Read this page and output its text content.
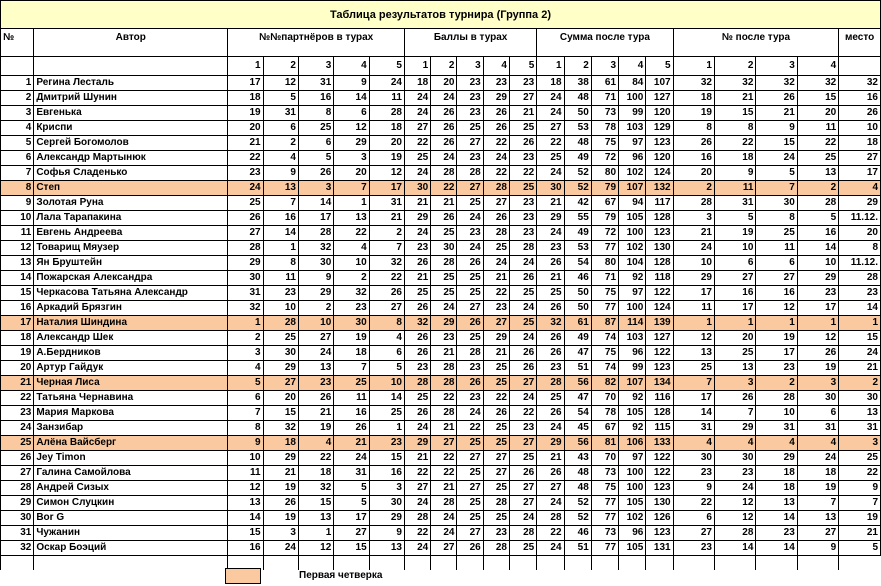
Таблица результатов турнира (Группа 2)																					
№	Автор	№№партнёров в турах					Баллы в турах					Сумма после тура					№ после тура				место
		1	2	3	4	5	1	2	3	4	5	1	2	3	4	5	1	2	3	4	
1	Регина Лесталь	17	12	31	9	24	18	20	23	23	23	18	38	61	84	107	32	32	32	32	32
2	Дмитрий Шунин	18	5	16	14	11	24	24	23	29	27	24	48	71	100	127	18	21	26	15	16
3	Евгенька	19	31	8	6	28	24	26	23	26	21	24	50	73	99	120	19	15	21	20	26
4	Криспи	20	6	25	12	18	27	26	25	26	25	27	53	78	103	129	8	8	9	11	10
5	Сергей Богомолов	21	2	6	29	20	22	26	27	22	26	22	48	75	97	123	26	22	15	22	18
6	Александр Мартынюк	22	4	5	3	19	25	24	23	24	23	25	49	72	96	120	16	18	24	25	27
7	Софья Сладенько	23	9	26	20	12	24	28	28	22	22	24	52	80	102	124	20	9	5	13	17
8	Степ	24	13	3	7	17	30	22	27	28	25	30	52	79	107	132	2	11	7	2	4
9	Золотая Руна	25	7	14	1	31	21	21	25	27	23	21	42	67	94	117	28	31	30	28	29
10	Лала Тарапакина	26	16	17	13	21	29	26	24	26	23	29	55	79	105	128	3	5	8	5	11.12.
11	Евгень Андреева	27	14	28	22	2	24	25	23	28	23	24	49	72	100	123	21	19	25	16	20
12	Товарищ Мяузер	28	1	32	4	7	23	30	24	25	28	23	53	77	102	130	24	10	11	14	8
13	Ян Бруштейн	29	8	30	10	32	26	28	26	24	24	26	54	80	104	128	10	6	6	10	11.12.
14	Пожарская Александра	30	11	9	2	22	21	25	25	21	26	21	46	71	92	118	29	27	27	29	28
15	Черкасова Татьяна Александр	31	23	29	32	26	25	25	25	22	25	25	50	75	97	122	17	16	16	23	23
16	Аркадий Брязгин	32	10	2	23	27	26	24	27	23	24	26	50	77	100	124	11	17	12	17	14
17	Наталия Шиндина	1	28	10	30	8	32	29	26	27	25	32	61	87	114	139	1	1	1	1	1
18	Александр Шек	2	25	27	19	4	26	23	25	29	24	26	49	74	103	127	12	20	19	12	15
19	А.Бердников	3	30	24	18	6	26	21	28	21	26	26	47	75	96	122	13	25	17	26	24
20	Артур Гайдук	4	29	13	7	5	23	28	23	25	26	23	51	74	99	123	25	13	23	19	21
21	Черная Лиса	5	27	23	25	10	28	28	26	25	27	28	56	82	107	134	7	3	2	3	2
22	Татьяна Чернавина	6	20	26	11	14	25	22	23	22	24	25	47	70	92	116	17	26	28	30	30
23	Мария Маркова	7	15	21	16	25	26	28	24	26	22	26	54	78	105	128	14	7	10	6	13
24	Занзибар	8	32	19	26	1	24	21	22	25	23	24	45	67	92	115	31	29	31	31	31
25	Алёна Вайсберг	9	18	4	21	23	29	27	25	25	27	29	56	81	106	133	4	4	4	4	3
26	Jey Timon	10	29	22	24	15	21	22	27	27	25	21	43	70	97	122	30	30	29	24	25
27	Галина Самойлова	11	21	18	31	16	22	22	25	27	26	26	48	73	100	122	23	23	18	18	22
28	Андрей Сизых	12	19	32	5	3	27	21	27	25	27	27	48	75	100	123	9	24	18	19	9
29	Симон Слуцкин	13	26	15	5	30	24	28	25	28	27	24	52	77	105	130	22	12	13	7	7
30	Bor G	14	19	13	17	29	28	24	25	25	24	28	52	77	102	126	6	12	14	13	19
31	Чужанин	15	3	1	27	9	22	24	27	23	28	22	46	73	96	123	27	28	23	27	21
32	Оскар Боэций	16	24	12	15	13	24	27	26	28	25	24	51	77	105	131	23	14	14	9	5

Первая четверка
